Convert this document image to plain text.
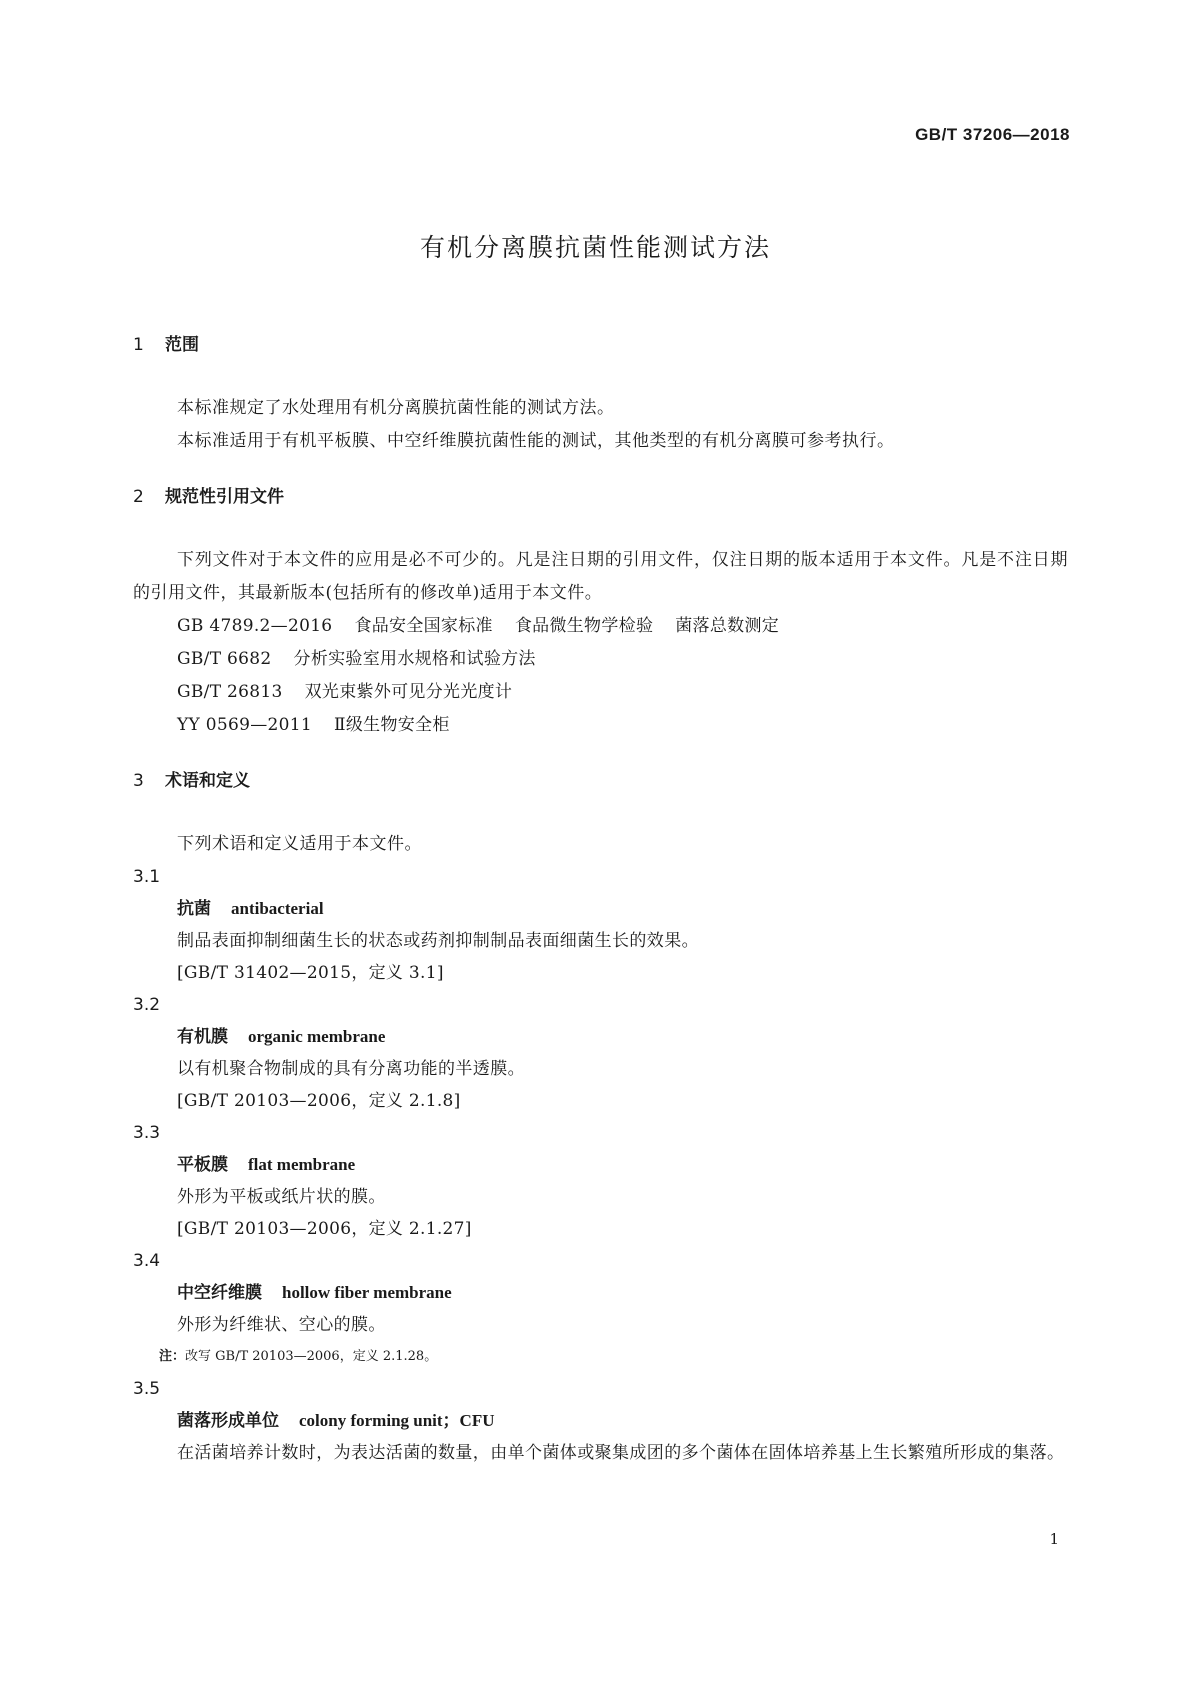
GB/T 37206—2018
有机分离膜抗菌性能测试方法
1 范围
本标准规定了水处理用有机分离膜抗菌性能的测试方法。
本标准适用于有机平板膜、中空纤维膜抗菌性能的测试，其他类型的有机分离膜可参考执行。
2 规范性引用文件
下列文件对于本文件的应用是必不可少的。凡是注日期的引用文件，仅注日期的版本适用于本文件。凡是不注日期的引用文件，其最新版本(包括所有的修改单)适用于本文件。
GB 4789.2—2016 食品安全国家标准 食品微生物学检验 菌落总数测定
GB/T 6682 分析实验室用水规格和试验方法
GB/T 26813 双光束紫外可见分光光度计
YY 0569—2011 Ⅱ级生物安全柜
3 术语和定义
下列术语和定义适用于本文件。
3.1
抗菌 antibacterial
制品表面抑制细菌生长的状态或药剂抑制制品表面细菌生长的效果。
[GB/T 31402—2015，定义 3.1]
3.2
有机膜 organic membrane
以有机聚合物制成的具有分离功能的半透膜。
[GB/T 20103—2006，定义 2.1.8]
3.3
平板膜 flat membrane
外形为平板或纸片状的膜。
[GB/T 20103—2006，定义 2.1.27]
3.4
中空纤维膜 hollow fiber membrane
外形为纤维状、空心的膜。
注：改写 GB/T 20103—2006，定义 2.1.28。
3.5
菌落形成单位 colony forming unit；CFU
在活菌培养计数时，为表达活菌的数量，由单个菌体或聚集成团的多个菌体在固体培养基上生长繁殖所形成的集落。
1
